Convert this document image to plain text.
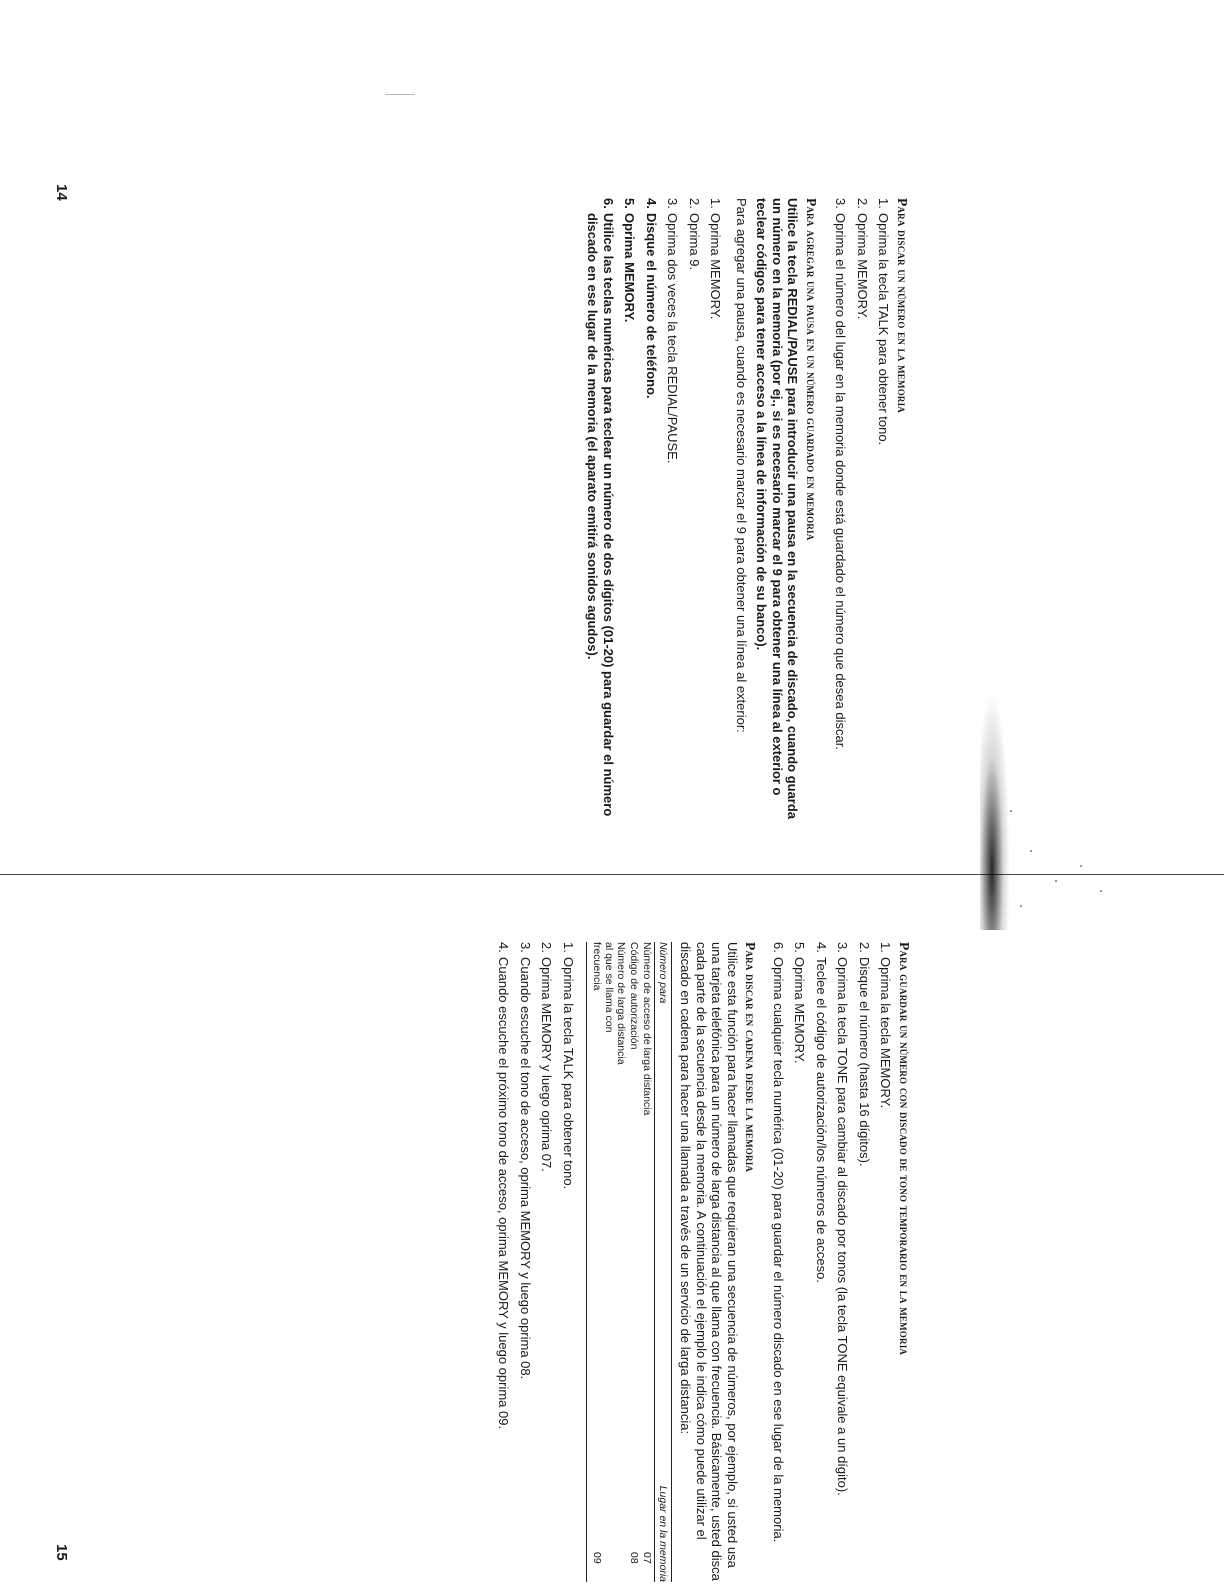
14
15
Para discar un número en la memoria
1.Oprima la tecla TALK para obtener tono.
2.Oprima MEMORY.
3.Oprima el número del lugar en la memoria donde está guardado el número que desea discar.
Para agregar una pausa en un número guardado en memoria

Utilice la tecla REDIAL/PAUSE para introducir una pausa en la secuencia de discado, cuando guarda un número en la memoria (por ej., si es necesario marcar el 9 para obtener una línea al exterior o teclear códigos para tener acceso a la línea de información de su banco).

Para agregar una pausa, cuando es necesario marcar el 9 para obtener una línea al exterior:

1.Oprima MEMORY.
2.Oprima 9.
3.Oprima dos veces la tecla REDIAL/PAUSE.
4.Disque el número de teléfono.
5.Oprima MEMORY.
6.Utilice las teclas numéricas para teclear un número de dos dígitos (01-20) para guardar el número discado en ese lugar de la memoria (el aparato emitirá sonidos agudos).
Para guardar un número con discado de tono temporario en la memoria
1.Oprima la tecla MEMORY.
2.Disque el número (hasta 16 dígitos).
3.Oprima la tecla TONE para cambiar al discado por tonos (la tecla TONE equivale a un dígito).
4.Teclee el código de autorización/los números de acceso.
5.Oprima MEMORY.
6.Oprima cualquier tecla numérica (01-20) para guardar el número discado en ese lugar de la memoria.
Para discar en cadena desde la memoria

Utilice esta función para hacer llamadas que requieran una secuencia de números, por ejemplo, si usted usa una tarjeta telefónica para un número de larga distancia al que llama con frecuencia. Básicamente, usted disca cada parte de la secuencia desde la memoria. A continuación el ejemplo le indica cómo puede utilizar el discado en cadena para hacer una llamada a través de un servicio de larga distancia:

Número para
Lugar en la memoria
Número de acceso de larga distancia
07
Código de autorización
08
Número de larga distancia al que se llama con frecuencia
09
1.Oprima la tecla TALK para obtener tono.
2.Oprima MEMORY y luego oprima 07.
3.Cuando escuche el tono de acceso, oprima MEMORY y luego oprima 08.
4.Cuando escuche el próximo tono de acceso, oprima MEMORY y luego oprima 09.
